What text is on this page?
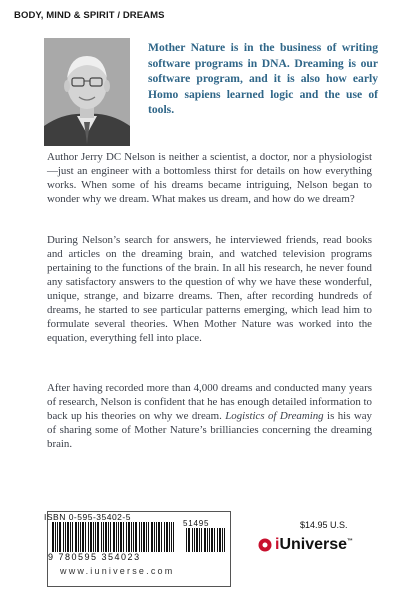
BODY, MIND & SPIRIT / DREAMS
Mother Nature is in the business of writing software programs in DNA. Dreaming is our software program, and it is also how early Homo sapiens learned logic and the use of tools.

Author Jerry DC Nelson is neither a scientist, a doctor, nor a physiologist—just an engineer with a bottomless thirst for details on how everything works. When some of his dreams became intriguing, Nelson began to wonder why we dream. What makes us dream, and how do we dream?

During Nelson’s search for answers, he interviewed friends, read books and articles on the dreaming brain, and watched television programs pertaining to the functions of the brain. In all his research, he never found any satisfactory answers to the question of why we have these wonderful, unique, strange, and bizarre dreams. Then, after recording hundreds of dreams, he started to see particular patterns emerging, which lead him to formulate several theories. When Mother Nature was worked into the equation, everything fell into place.

After having recorded more than 4,000 dreams and conducted many years of research, Nelson is confident that he has enough detailed information to back up his theories on why we dream. Logistics of Dreaming is his way of sharing some of Mother Nature’s brilliancies concerning the dreaming brain.

ISBN 0-595-35402-5
9 780595 354023
51495
www.iuniverse.com
$14.95 U.S.
iUniverse™
